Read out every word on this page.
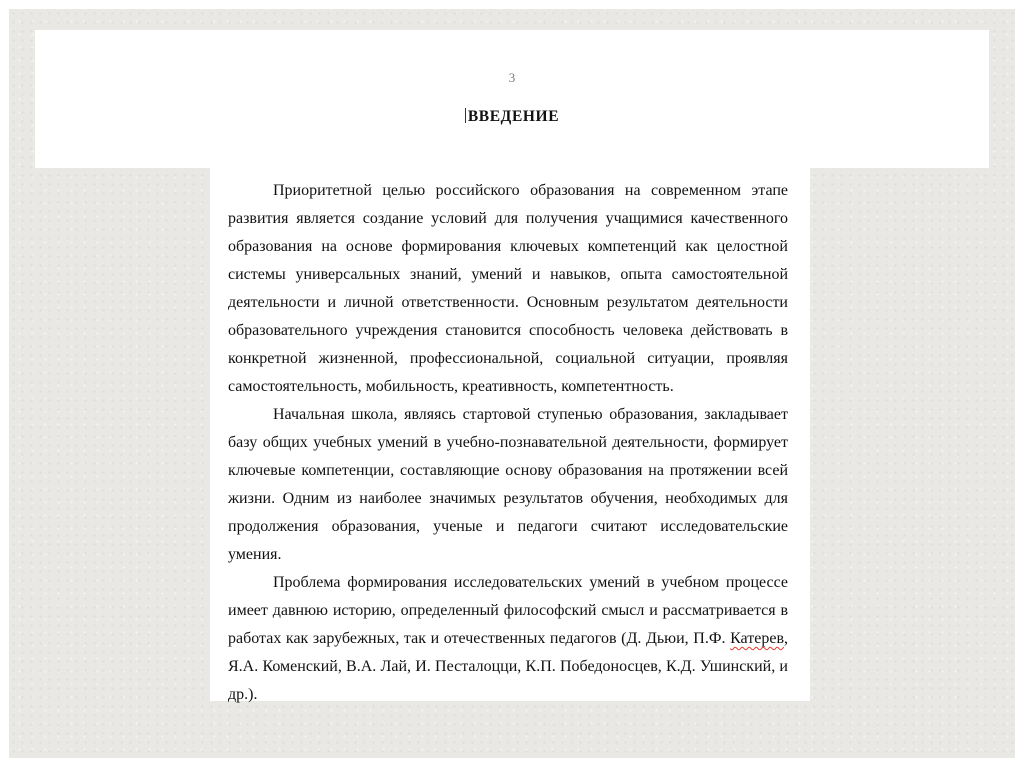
3
ВВЕДЕНИЕ

Приоритетной целью российского образования на современном этапе развития является создание условий для получения учащимися качественного образования на основе формирования ключевых компетенций как целостной системы универсальных знаний, умений и навыков, опыта самостоятельной деятельности и личной ответственности. Основным результатом деятельности образовательного учреждения становится способность человека действовать в конкретной жизненной, профессиональной, социальной ситуации, проявляя самостоятельность, мобильность, креативность, компетентность.

Начальная школа, являясь стартовой ступенью образования, закладывает базу общих учебных умений в учебно-познавательной деятельности, формирует ключевые компетенции, составляющие основу образования на протяжении всей жизни. Одним из наиболее значимых результатов обучения, необходимых для продолжения образования, ученые и педагоги считают исследовательские умения.

Проблема формирования исследовательских умений в учебном процессе имеет давнюю историю, определенный философский смысл и рассматривается в работах как зарубежных, так и отечественных педагогов (Д. Дьюи, П.Ф. Катерев, Я.А. Коменский, В.А. Лай, И. Песталоцци, К.П. Победоносцев, К.Д. Ушинский, и др.).
